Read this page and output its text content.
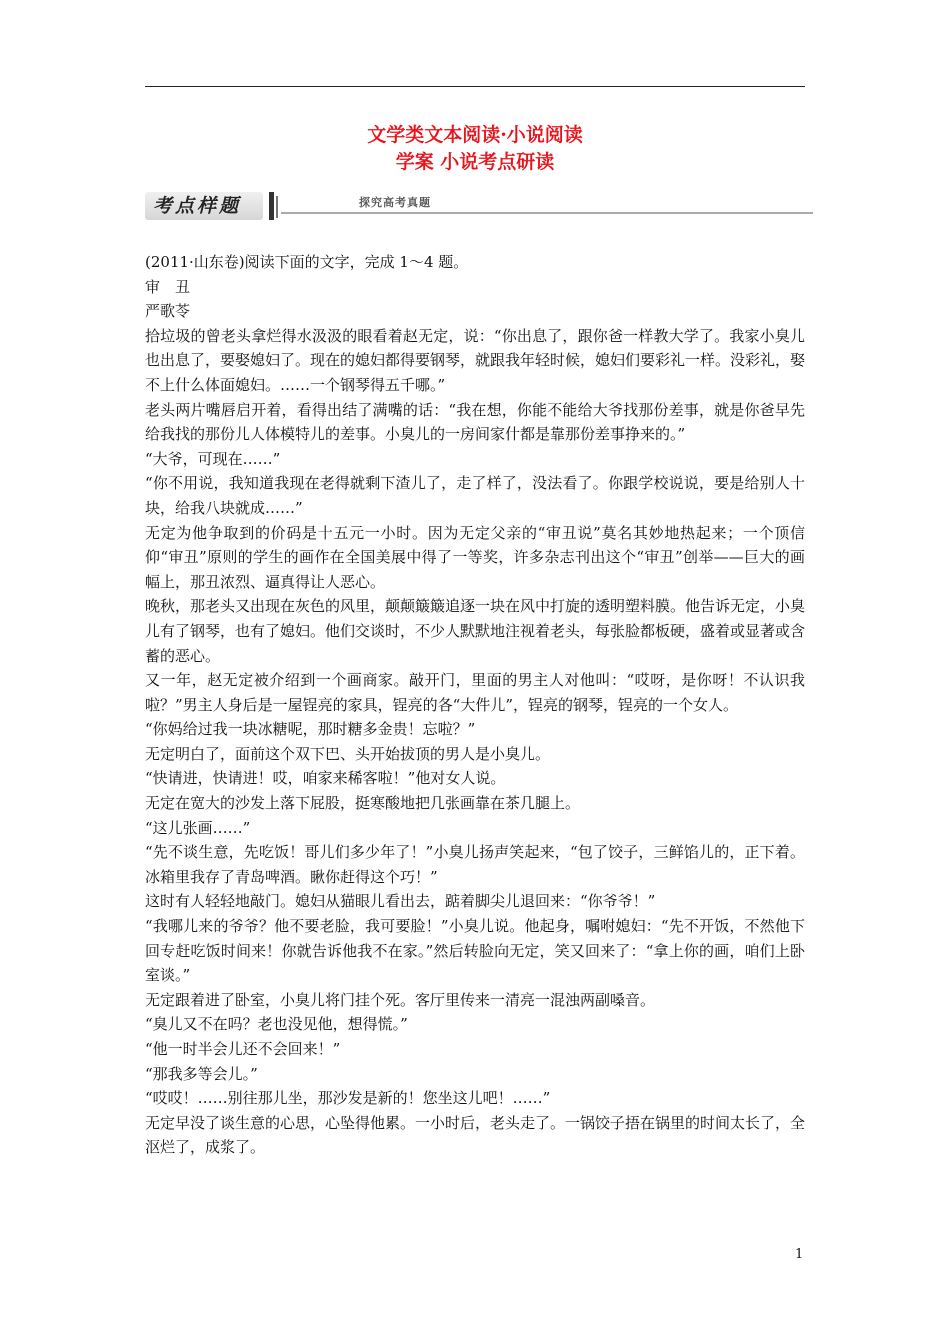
文学类文本阅读·小说阅读
学案 小说考点研读
考点样题	探究高考真题

(2011·山东卷)阅读下面的文字，完成 1～4 题。

审　丑

严歌苓

拾垃圾的曾老头拿烂得水汲汲的眼看着赵无定，说：“你出息了，跟你爸一样教大学了。我家小臭儿也出息了，要娶媳妇了。现在的媳妇都得要钢琴，就跟我年轻时候，媳妇们要彩礼一样。没彩礼，娶不上什么体面媳妇。……一个钢琴得五千哪。”

老头两片嘴唇启开着，看得出结了满嘴的话：“我在想，你能不能给大爷找那份差事，就是你爸早先给我找的那份儿人体模特儿的差事。小臭儿的一房间家什都是靠那份差事挣来的。”

“大爷，可现在……”

“你不用说，我知道我现在老得就剩下渣儿了，走了样了，没法看了。你跟学校说说，要是给别人十块，给我八块就成……”

无定为他争取到的价码是十五元一小时。因为无定父亲的“审丑说”莫名其妙地热起来；一个顶信仰“审丑”原则的学生的画作在全国美展中得了一等奖，许多杂志刊出这个“审丑”创举——巨大的画幅上，那丑浓烈、逼真得让人恶心。

晚秋，那老头又出现在灰色的风里，颠颠簸簸追逐一块在风中打旋的透明塑料膜。他告诉无定，小臭儿有了钢琴，也有了媳妇。他们交谈时，不少人默默地注视着老头，每张脸都板硬，盛着或显著或含蓄的恶心。

又一年，赵无定被介绍到一个画商家。敲开门，里面的男主人对他叫：“哎呀，是你呀！不认识我啦？”男主人身后是一屋锃亮的家具，锃亮的各“大件儿”，锃亮的钢琴，锃亮的一个女人。

“你妈给过我一块冰糖呢，那时糖多金贵！忘啦？”

无定明白了，面前这个双下巴、头开始拔顶的男人是小臭儿。

“快请进，快请进！哎，咱家来稀客啦！”他对女人说。

无定在宽大的沙发上落下屁股，挺寒酸地把几张画靠在茶几腿上。

“这儿张画……”

“先不谈生意，先吃饭！哥儿们多少年了！”小臭儿扬声笑起来，“包了饺子，三鲜馅儿的，正下着。冰箱里我存了青岛啤酒。瞅你赶得这个巧！”

这时有人轻轻地敲门。媳妇从猫眼儿看出去，踮着脚尖儿退回来：“你爷爷！”

“我哪儿来的爷爷？他不要老脸，我可要脸！”小臭儿说。他起身，嘱咐媳妇：“先不开饭，不然他下回专赶吃饭时间来！你就告诉他我不在家。”然后转脸向无定，笑又回来了：“拿上你的画，咱们上卧室谈。”

无定跟着进了卧室，小臭儿将门挂个死。客厅里传来一清亮一混浊两副嗓音。

“臭儿又不在吗？老也没见他，想得慌。”

“他一时半会儿还不会回来！”

“那我多等会儿。”

“哎哎！……别往那儿坐，那沙发是新的！您坐这儿吧！……”

无定早没了谈生意的心思，心坠得他累。一小时后，老头走了。一锅饺子捂在锅里的时间太长了，全沤烂了，成浆了。

1
